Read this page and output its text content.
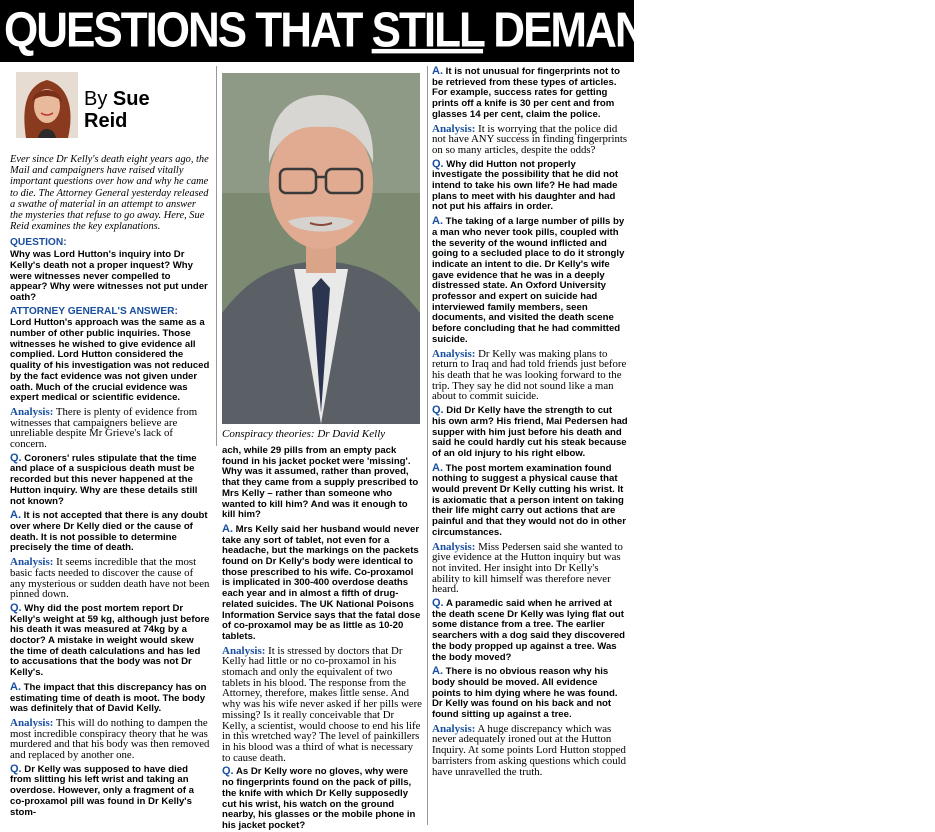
QUESTIONS THAT STILL DEMAND AN ANSWER
By Sue
Reid
Ever since Dr Kelly's death eight years ago, the Mail and campaigners have raised vitally important questions over how and why he came to die. The Attorney General yesterday released a swathe of material in an attempt to answer the mysteries that refuse to go away. Here, Sue Reid examines the key explanations.
QUESTION:

Why was Lord Hutton's inquiry into Dr Kelly's death not a proper inquest? Why were witnesses never compelled to appear? Why were witnesses not put under oath?

ATTORNEY GENERAL'S ANSWER:

Lord Hutton's approach was the same as a number of other public inquiries. Those witnesses he wished to give evidence all complied. Lord Hutton considered the quality of his investigation was not reduced by the fact evidence was not given under oath. Much of the crucial evidence was expert medical or scientific evidence.

Analysis: There is plenty of evidence from witnesses that campaigners believe are unreliable despite Mr Grieve's lack of concern.

Q. Coroners' rules stipulate that the time and place of a suspicious death must be recorded but this never happened at the Hutton inquiry. Why are these details still not known?

A. It is not accepted that there is any doubt over where Dr Kelly died or the cause of death. It is not possible to determine precisely the time of death.

Analysis: It seems incredible that the most basic facts needed to discover the cause of any mysterious or sudden death have not been pinned down.

Q. Why did the post mortem report Dr Kelly's weight at 59 kg, although just before his death it was measured at 74kg by a doctor? A mistake in weight would skew the time of death calculations and has led to accusations that the body was not Dr Kelly's.

A. The impact that this discrepancy has on estimating time of death is moot. The body was definitely that of David Kelly.

Analysis: This will do nothing to dampen the most incredible conspiracy theory that he was murdered and that his body was then removed and replaced by another one.

Q. Dr Kelly was supposed to have died from slitting his left wrist and taking an overdose. However, only a fragment of a co-proxamol pill was found in Dr Kelly's stom-

Conspiracy theories: Dr David Kelly

ach, while 29 pills from an empty pack found in his jacket pocket were 'missing'. Why was it assumed, rather than proved, that they came from a supply prescribed to Mrs Kelly – rather than someone who wanted to kill him? And was it enough to kill him?

A. Mrs Kelly said her husband would never take any sort of tablet, not even for a headache, but the markings on the packets found on Dr Kelly's body were identical to those prescribed to his wife. Co-proxamol is implicated in 300-400 overdose deaths each year and in almost a fifth of drug-related suicides. The UK National Poisons Information Service says that the fatal dose of co-proxamol may be as little as 10-20 tablets.

Analysis: It is stressed by doctors that Dr Kelly had little or no co-proxamol in his stomach and only the equivalent of two tablets in his blood. The response from the Attorney, therefore, makes little sense. And why was his wife never asked if her pills were missing? Is it really conceivable that Dr Kelly, a scientist, would choose to end his life in this wretched way? The level of painkillers in his blood was a third of what is necessary to cause death.

Q. As Dr Kelly wore no gloves, why were no fingerprints found on the pack of pills, the knife with which Dr Kelly supposedly cut his wrist, his watch on the ground nearby, his glasses or the mobile phone in his jacket pocket?

A. It is not unusual for fingerprints not to be retrieved from these types of articles. For example, success rates for getting prints off a knife is 30 per cent and from glasses 14 per cent, claim the police.

Analysis: It is worrying that the police did not have ANY success in finding fingerprints on so many articles, despite the odds?

Q. Why did Hutton not properly investigate the possibility that he did not intend to take his own life? He had made plans to meet with his daughter and had not put his affairs in order.

A. The taking of a large number of pills by a man who never took pills, coupled with the severity of the wound inflicted and going to a secluded place to do it strongly indicate an intent to die. Dr Kelly's wife gave evidence that he was in a deeply distressed state. An Oxford University professor and expert on suicide had interviewed family members, seen documents, and visited the death scene before concluding that he had committed suicide.

Analysis: Dr Kelly was making plans to return to Iraq and had told friends just before his death that he was looking forward to the trip. They say he did not sound like a man about to commit suicide.

Q. Did Dr Kelly have the strength to cut his own arm? His friend, Mai Pedersen had supper with him just before his death and said he could hardly cut his steak because of an old injury to his right elbow.

A. The post mortem examination found nothing to suggest a physical cause that would prevent Dr Kelly cutting his wrist. It is axiomatic that a person intent on taking their life might carry out actions that are painful and that they would not do in other circumstances.

Analysis: Miss Pedersen said she wanted to give evidence at the Hutton inquiry but was not invited. Her insight into Dr Kelly's ability to kill himself was therefore never heard.

Q. A paramedic said when he arrived at the death scene Dr Kelly was lying flat out some distance from a tree. The earlier searchers with a dog said they discovered the body propped up against a tree. Was the body moved?

A. There is no obvious reason why his body should be moved. All evidence points to him dying where he was found. Dr Kelly was found on his back and not found sitting up against a tree.

Analysis: A huge discrepancy which was never adequately ironed out at the Hutton Inquiry. At some points Lord Hutton stopped barristers from asking questions which could have unravelled the truth.
